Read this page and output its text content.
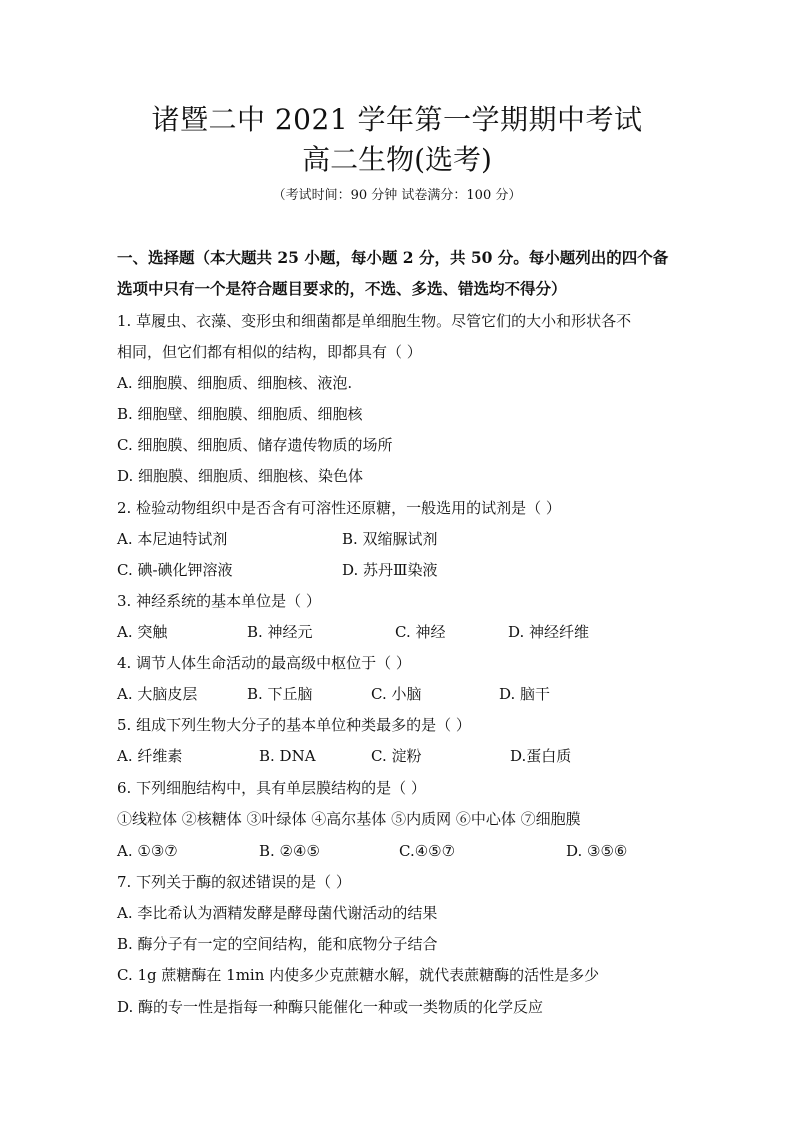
诸暨二中 2021 学年第一学期期中考试
高二生物(选考)
（考试时间：90 分钟 试卷满分：100 分）
一、选择题（本大题共 25 小题，每小题 2 分，共 50 分。每小题列出的四个备
选项中只有一个是符合题目要求的，不选、多选、错选均不得分）
1. 草履虫、衣藻、变形虫和细菌都是单细胞生物。尽管它们的大小和形状各不
相同，但它们都有相似的结构，即都具有（ ）
A. 细胞膜、细胞质、细胞核、液泡.
B. 细胞壁、细胞膜、细胞质、细胞核
C. 细胞膜、细胞质、储存遗传物质的场所
D. 细胞膜、细胞质、细胞核、染色体
2. 检验动物组织中是否含有可溶性还原糖，一般选用的试剂是（ ）
A. 本尼迪特试剂	B. 双缩脲试剂
C. 碘-碘化钾溶液	D. 苏丹Ⅲ染液
3. 神经系统的基本单位是（ ）
A. 突触	B. 神经元	C. 神经	D. 神经纤维
4. 调节人体生命活动的最高级中枢位于（ ）
A. 大脑皮层	B. 下丘脑	C. 小脑	D. 脑干
5. 组成下列生物大分子的基本单位种类最多的是（ ）
A. 纤维素	B. DNA	C. 淀粉	D.蛋白质
6. 下列细胞结构中，具有单层膜结构的是（ ）
①线粒体 ②核糖体 ③叶绿体 ④高尔基体 ⑤内质网 ⑥中心体 ⑦细胞膜
A. ①③⑦	B. ②④⑤	C.④⑤⑦	D. ③⑤⑥
7. 下列关于酶的叙述错误的是（ ）
A. 李比希认为酒精发酵是酵母菌代谢活动的结果
B. 酶分子有一定的空间结构，能和底物分子结合
C. 1g 蔗糖酶在 1min 内使多少克蔗糖水解，就代表蔗糖酶的活性是多少
D. 酶的专一性是指每一种酶只能催化一种或一类物质的化学反应
